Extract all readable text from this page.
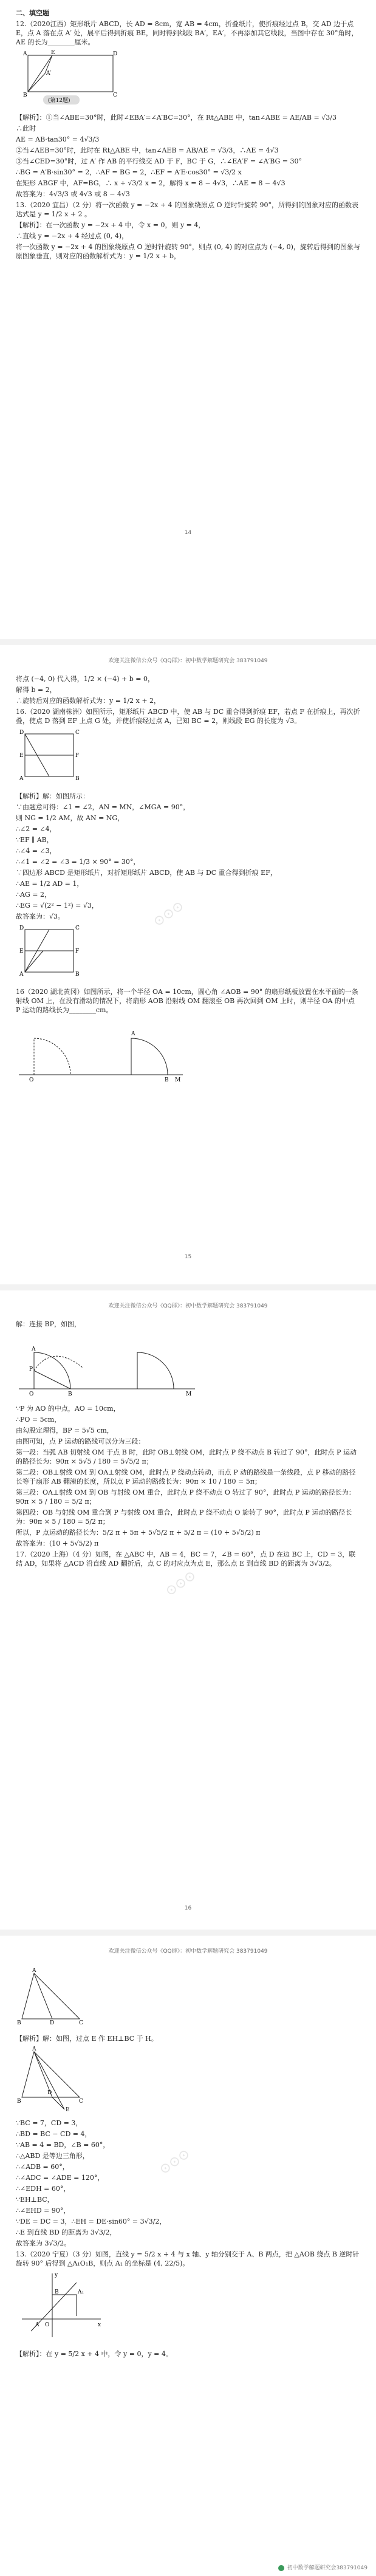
二、填空题

12.（2020江西）矩形纸片 ABCD，长 AD = 8cm，宽 AB = 4cm，折叠纸片，使折痕经过点 B，交 AD 边于点 E，点 A 落在点 A′ 处，展平后得到折痕 BE，同时得到线段 BA′，EA′，不再添加其它线段，当图中存在 30°角时，AE 的长为________厘米。

A	E	D
B	C
A′
(第12题)

【解析】：①当∠ABE=30°时，此时∠EBA′=∠A′BC=30°，在 Rt△ABE 中，tan∠ABE = AE/AB = √3/3

∴此时

AE = AB·tan30° = 4√3/3

②当∠AEB=30°时，此时在 Rt△ABE 中，tan∠AEB = AB/AE = √3/3，∴AE = 4√3

③当∠CED=30°时，过 A′ 作 AB 的平行线交 AD 于 F，BC 于 G，∴∠EA′F = ∠A′BG = 30°

∴BG = A′B·sin30° = 2，∴AF = BG = 2，∴EF = A′E·cos30° = √3/2 x

在矩形 ABGF 中，AF=BG，∴ x + √3/2 x = 2，解得 x = 8 − 4√3，∴AE = 8 − 4√3

故答案为：4√3/3 或 4√3 或 8 − 4√3

13.（2020 宜昌）（2 分）将一次函数 y = −2x + 4 的图象绕原点 O 逆时针旋转 90°，所得到的图象对应的函数表达式是 y = 1/2 x + 2 。

【解析】：在一次函数 y = −2x + 4 中，令 x = 0，则 y = 4，

∴直线 y = −2x + 4 经过点 (0, 4)，

将一次函数 y = −2x + 4 的图象绕原点 O 逆时针旋转 90°，则点 (0, 4) 的对应点为 (−4, 0)，旋转后得到的图象与原图象垂直，则对应的函数解析式为：y = 1/2 x + b，

14
欢迎关注微信公众号《QQ群》：初中数学解题研究会 383791049

将点 (−4, 0) 代入得，1/2 × (−4) + b = 0，

解得 b = 2，

∴旋转后对应的函数解析式为：y = 1/2 x + 2，

16.（2020 湖南株洲）如图所示，矩形纸片 ABCD 中，使 AB 与 DC 重合得到折痕 EF，若点 F 在折痕上，再次折叠，使点 D 落到 EF 上点 G 处，并使折痕经过点 A，已知 BC = 2，则线段 EG 的长度为 √3。

D	C
E	F
A	B

【解析】解：如图所示：

∵由题意可得：∠1 = ∠2，AN = MN，∠MGA = 90°，

则 NG = 1/2 AM，故 AN = NG，

∴∠2 = ∠4，

∵EF ∥ AB，

∴∠4 = ∠3，

∴∠1 = ∠2 = ∠3 = 1/3 × 90° = 30°，

∵四边形 ABCD 是矩形纸片，对折矩形纸片 ABCD，使 AB 与 DC 重合得到折痕 EF，

∴AE = 1/2 AD = 1，

∴AG = 2，

∴EG = √(2² − 1²) = √3，

故答案为：√3。

D	C
E	F
A	B

16（2020 湖北黄冈）如图所示，将一个半径 OA = 10cm，圆心角 ∠AOB = 90° 的扇形纸板放置在水平面的一条射线 OM 上，在没有滑动的情况下，将扇形 AOB 沿射线 OM 翻滚至 OB 再次回到 OM 上时，则半径 OA 的中点 P 运动的路线长为________cm。

O	B M
A
15
⊙⊙⊙
欢迎关注微信公众号《QQ群》：初中数学解题研究会 383791049

解：连接 BP，如图，

O
P
A
B	M

∵P 为 AO 的中点，AO = 10cm，

∴PO = 5cm，

由勾股定理得，BP = 5√5 cm，

由图可知，点 P 运动的路线可以分为三段：

第一段：当弧 AB 切射线 OM 于点 B 时，此时 OB⊥射线 OM，此时点 P 绕不动点 B 转过了 90°，此时点 P 运动的路径长为：90π × 5√5 / 180 = 5√5/2 π；

第二段：OB⊥射线 OM 到 OA⊥射线 OM，此时点 P 绕动点转动，而点 P 动的路线是一条线段，点 P 移动的路径长等于扇形 AB 翻滚的长度，所以点 P 运动的路线长为：90π × 10 / 180 = 5π；

第三段：OA⊥射线 OM 到 OB 与射线 OM 重合，此时点 P 绕不动点 O 转过了 90°，此时点 P 运动的路径长为：90π × 5 / 180 = 5/2 π；

第四段：OB 与射线 OM 重合到 P 与射线 OM 重合，此时点 P 绕不动点 O 旋转了 90°，此时点 P 运动的路径长为：90π × 5 / 180 = 5/2 π；

所以，P 点运动的路径长为：5/2 π + 5π + 5√5/2 π + 5/2 π = (10 + 5√5/2) π

故答案为：(10 + 5√5/2) π

17.（2020 上海）（4 分）如图，在 △ABC 中，AB = 4，BC = 7，∠B = 60°，点 D 在边 BC 上，CD = 3，联结 AD，如果将 △ACD 沿直线 AD 翻折后，点 C 的对应点为点 E，那么点 E 到直线 BD 的距离为 3√3/2。

16
⊙⊙⊙
欢迎关注微信公众号《QQ群》：初中数学解题研究会 383791049
A
B	D	C

【解析】解：如图，过点 E 作 EH⊥BC 于 H。

A
B
D
C
E

∵BC = 7，CD = 3，

∴BD = BC − CD = 4，

∵AB = 4 = BD，∠B = 60°，

∴△ABD 是等边三角形，

∴∠ADB = 60°，

∴∠ADC = ∠ADE = 120°，

∴∠EDH = 60°，

∵EH⊥BC，

∴∠EHD = 90°，

∵DE = DC = 3，∴EH = DE·sin60° = 3√3/2，

∴E 到直线 BD 的距离为 3√3/2，

故答案为 3√3/2。

13.（2020 宁夏）（3 分）如图，直线 y = 5/2 x + 4 与 x 轴、y 轴分别交于 A、B 两点，把 △AOB 绕点 B 逆时针旋转 90° 后得到 △A₁O₁B，则点 A₁ 的坐标是 (4, 22/5)。

x
y
O
A
B	A₁

【解析】：在 y = 5/2 x + 4 中，令 y = 0，y = 4。

⊙⊙⊙
初中数学解题研究会383791049
